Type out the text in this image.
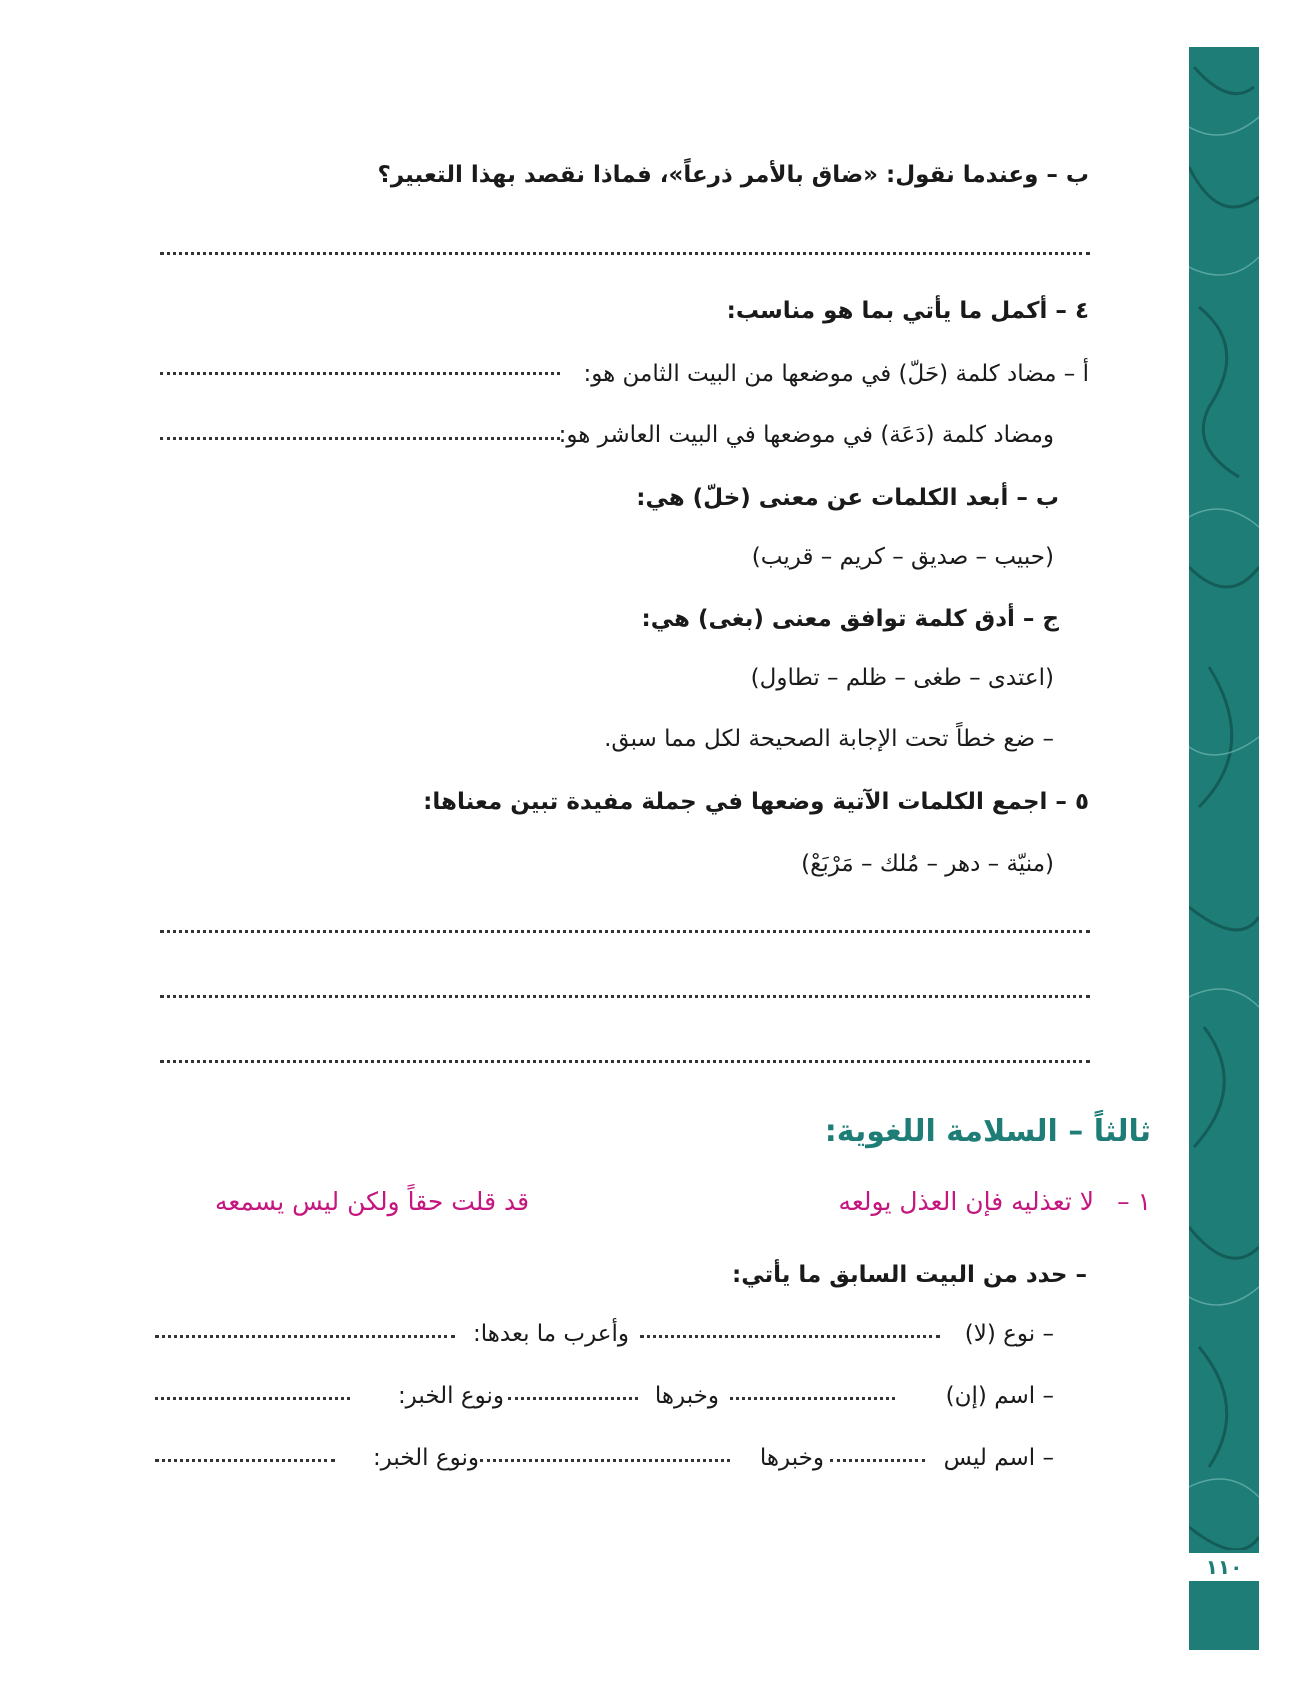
١١٠
ب – وعندما نقول: «ضاق بالأمر ذرعاً»، فماذا نقصد بهذا التعبير؟
٤ – أكمل ما يأتي بما هو مناسب:
أ – مضاد كلمة (حَلّ) في موضعها من البيت الثامن هو:
ومضاد كلمة (دَعَة) في موضعها في البيت العاشر هو:
ب – أبعد الكلمات عن معنى (خلّ) هي:
(حبيب – صديق – كريم – قريب)
ج – أدق كلمة توافق معنى (بغى) هي:
(اعتدى – طغى – ظلم – تطاول)
– ضع خطاً تحت الإجابة الصحيحة لكل مما سبق.
٥ – اجمع الكلمات الآتية وضعها في جملة مفيدة تبين معناها:
(منيّة – دهر – مُلك – مَرْبَعْ)
ثالثاً – السلامة اللغوية:
١ –
لا تعذليه فإن العذل يولعه
قد قلت حقاً ولكن ليس يسمعه
– حدد من البيت السابق ما يأتي:
– نوع (لا)
وأعرب ما بعدها:
– اسم (إن)
وخبرها
ونوع الخبر:
– اسم ليس
وخبرها
ونوع الخبر:
